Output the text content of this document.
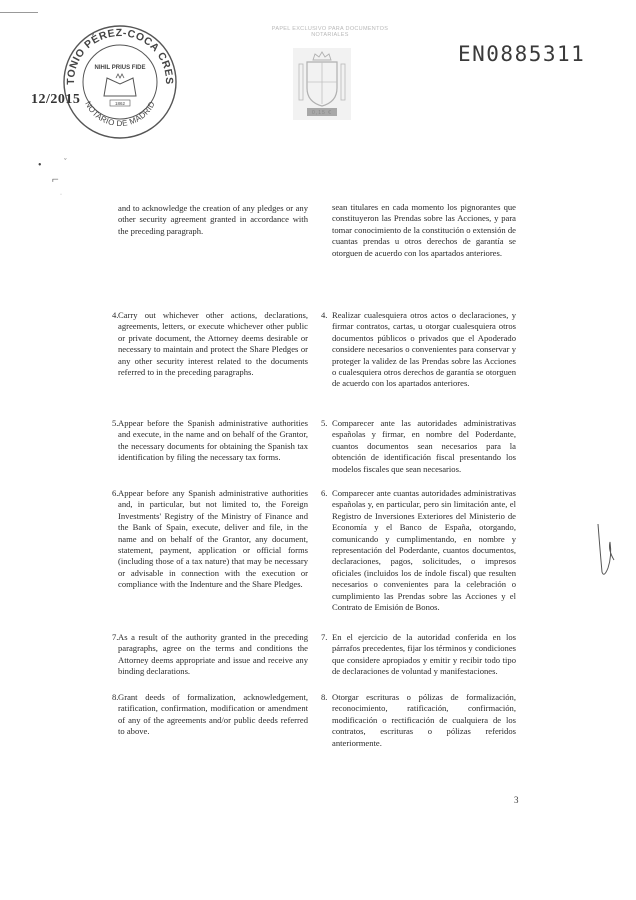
PAPEL EXCLUSIVO PARA DOCUMENTOS NOTARIALES
TONIO PÉREZ-COCA CRES
NOTARIO DE MADRID
NIHIL PRIUS FIDE
1862
12/2015
0,15 €
EN0885311
•	ˇ
⌐
·
and to acknowledge the creation of any pledges or any other security agreement granted in accordance with the preceding paragraph.
sean titulares en cada momento los pignorantes que constituyeron las Prendas sobre las Acciones, y para tomar conocimiento de la constitución o extensión de cuantas prendas u otros derechos de garantía se otorguen de acuerdo con los apartados anteriores.
4. Carry out whichever other actions, declarations, agreements, letters, or execute whichever other public or private document, the Attorney deems desirable or necessary to maintain and protect the Share Pledges or any other security interest related to the documents referred to in the preceding paragraphs.
4. Realizar cualesquiera otros actos o declaraciones, y firmar contratos, cartas, u otorgar cualesquiera otros documentos públicos o privados que el Apoderado considere necesarios o convenientes para conservar y proteger la validez de las Prendas sobre las Acciones o cualesquiera otros derechos de garantía se otorguen de acuerdo con los apartados anteriores.
5. Appear before the Spanish administrative authorities and execute, in the name and on behalf of the Grantor, the necessary documents for obtaining the Spanish tax identification by filing the necessary tax forms.
5. Comparecer ante las autoridades administrativas españolas y firmar, en nombre del Poderdante, cuantos documentos sean necesarios para la obtención de identificación fiscal presentando los modelos fiscales que sean necesarios.
6. Appear before any Spanish administrative authorities and, in particular, but not limited to, the Foreign Investments' Registry of the Ministry of Finance and the Bank of Spain, execute, deliver and file, in the name and on behalf of the Grantor, any document, statement, payment, application or official forms (including those of a tax nature) that may be necessary or advisable in connection with the execution or compliance with the Indenture and the Share Pledges.
6. Comparecer ante cuantas autoridades administrativas españolas y, en particular, pero sin limitación ante, el Registro de Inversiones Exteriores del Ministerio de Economía y el Banco de España, otorgando, comunicando y cumplimentando, en nombre y representación del Poderdante, cuantos documentos, declaraciones, pagos, solicitudes, o impresos oficiales (incluidos los de índole fiscal) que resulten necesarios o convenientes para la celebración o cumplimiento las Prendas sobre las Acciones y el Contrato de Emisión de Bonos.
7. As a result of the authority granted in the preceding paragraphs, agree on the terms and conditions the Attorney deems appropriate and issue and receive any binding declarations.
7. En el ejercicio de la autoridad conferida en los párrafos precedentes, fijar los términos y condiciones que considere apropiados y emitir y recibir todo tipo de declaraciones de voluntad y manifestaciones.
8. Grant deeds of formalization, acknowledgement, ratification, confirmation, modification or amendment of any of the agreements and/or public deeds referred to above.
8. Otorgar escrituras o pólizas de formalización, reconocimiento, ratificación, confirmación, modificación o rectificación de cualquiera de los contratos, escrituras o pólizas referidos anteriormente.
3
